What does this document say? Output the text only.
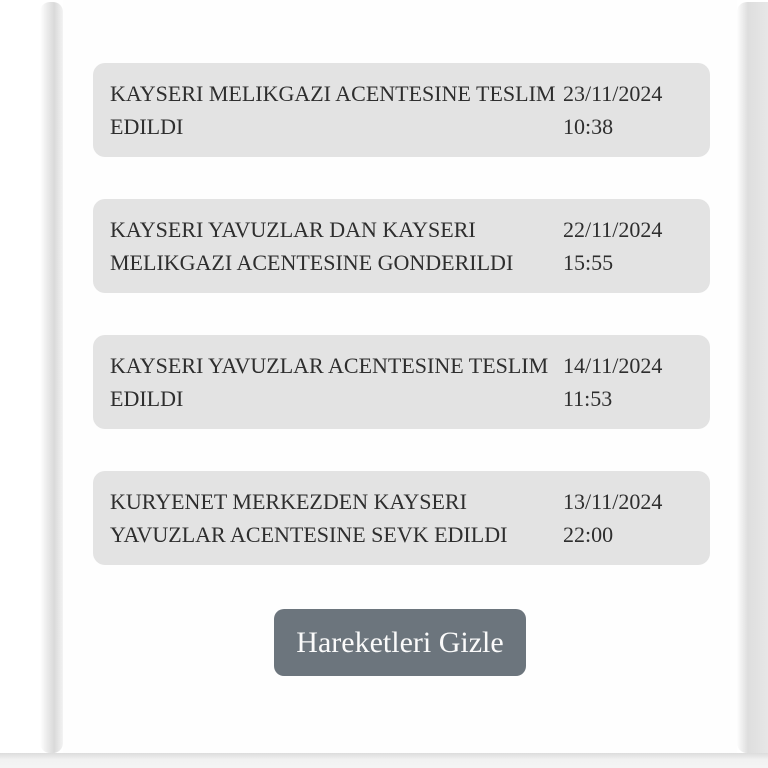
KAYSERI MELIKGAZI ACENTESINE TESLIM EDILDI
23/11/2024
10:38
KAYSERI YAVUZLAR DAN KAYSERI MELIKGAZI ACENTESINE GONDERILDI
22/11/2024
15:55
KAYSERI YAVUZLAR ACENTESINE TESLIM EDILDI
14/11/2024
11:53
KURYENET MERKEZDEN KAYSERI YAVUZLAR ACENTESINE SEVK EDILDI
13/11/2024
22:00
Hareketleri Gizle
